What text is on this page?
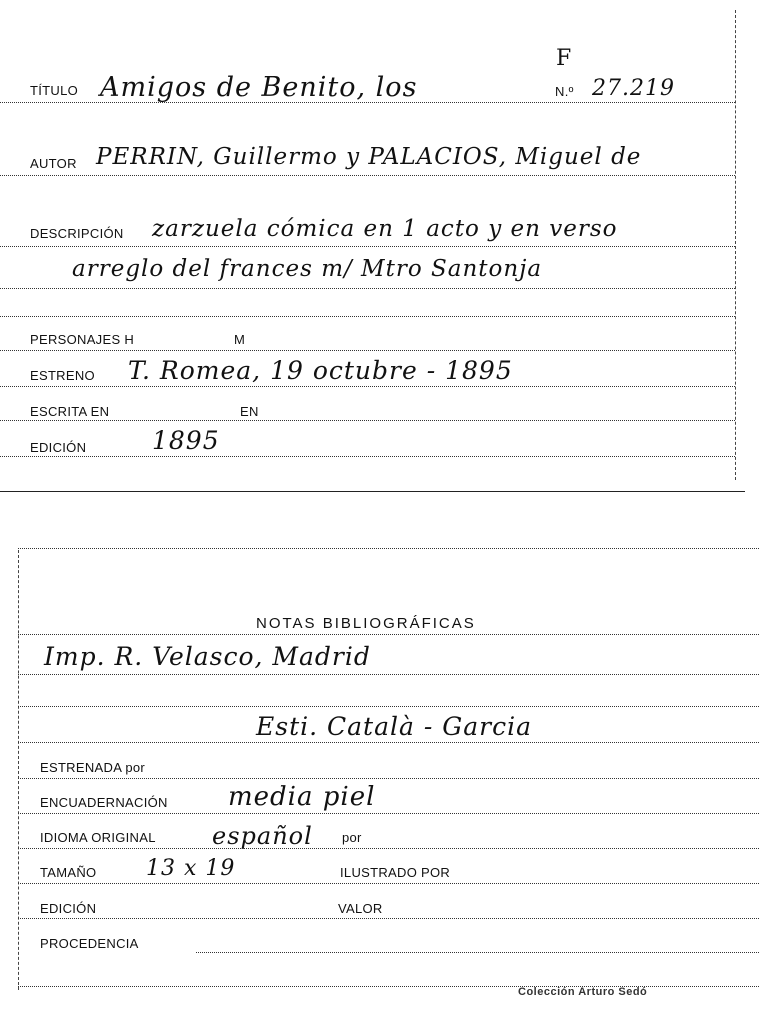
TÍTULO Amigos de Benito, los
F
N.º 27.219
AUTOR PERRIN, Guillermo y PALACIOS, Miguel de
DESCRIPCIÓN zarzuela cómica en 1 acto y en verso
arreglo del frances m/ Mtro Santonja
PERSONAJES H	M
ESTRENO T. Romea, 19 octubre - 1895
ESCRITA EN	EN
EDICIÓN	1895
NOTAS BIBLIOGRÁFICAS
Imp. R. Velasco, Madrid
Esti. Català - Garcia
ESTRENADA por
ENCUADERNACIÓN media piel
IDIOMA ORIGINAL español por
TAMAÑO 13 x 19	ILUSTRADO POR
EDICIÓN	VALOR
PROCEDENCIA
Colección Arturo Sedó
